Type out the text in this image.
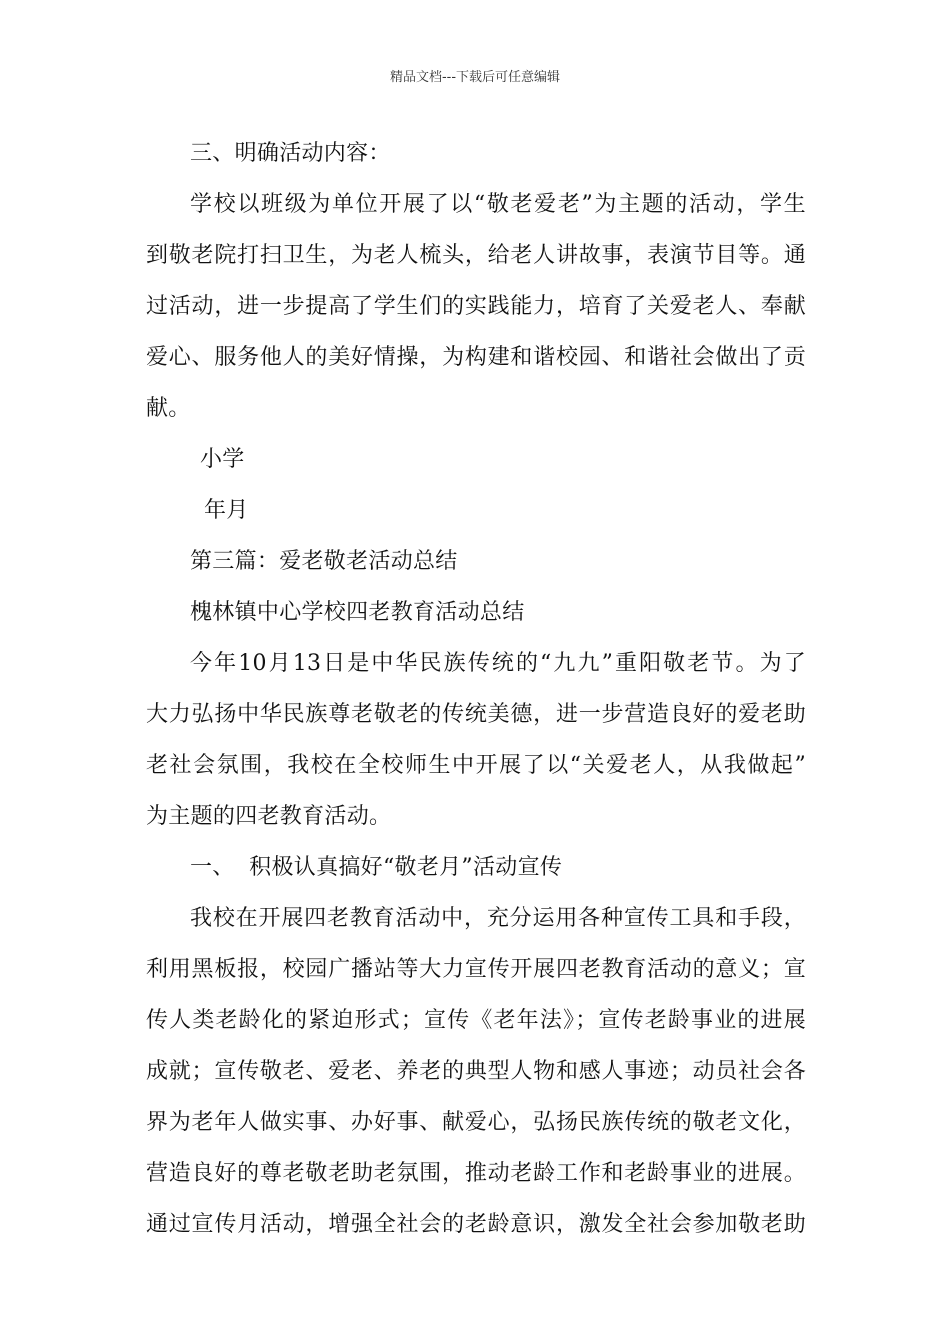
精品文档---下载后可任意编辑
三、明确活动内容：
学校以班级为单位开展了以“敬老爱老”为主题的活动，学生
到敬老院打扫卫生，为老人梳头，给老人讲故事，表演节目等。通
过活动，进一步提高了学生们的实践能力，培育了关爱老人、奉献
爱心、服务他人的美好情操，为构建和谐校园、和谐社会做出了贡
献。
小学
年月
第三篇：爱老敬老活动总结
槐林镇中心学校四老教育活动总结
今年10月13日是中华民族传统的“九九”重阳敬老节。为了
大力弘扬中华民族尊老敬老的传统美德，进一步营造良好的爱老助
老社会氛围，我校在全校师生中开展了以“关爱老人，从我做起”
为主题的四老教育活动。
一、  积极认真搞好“敬老月”活动宣传
我校在开展四老教育活动中，充分运用各种宣传工具和手段，
利用黑板报，校园广播站等大力宣传开展四老教育活动的意义；宣
传人类老龄化的紧迫形式；宣传《老年法》；宣传老龄事业的进展
成就；宣传敬老、爱老、养老的典型人物和感人事迹；动员社会各
界为老年人做实事、办好事、献爱心，弘扬民族传统的敬老文化，
营造良好的尊老敬老助老氛围，推动老龄工作和老龄事业的进展。
通过宣传月活动，增强全社会的老龄意识，激发全社会参加敬老助
